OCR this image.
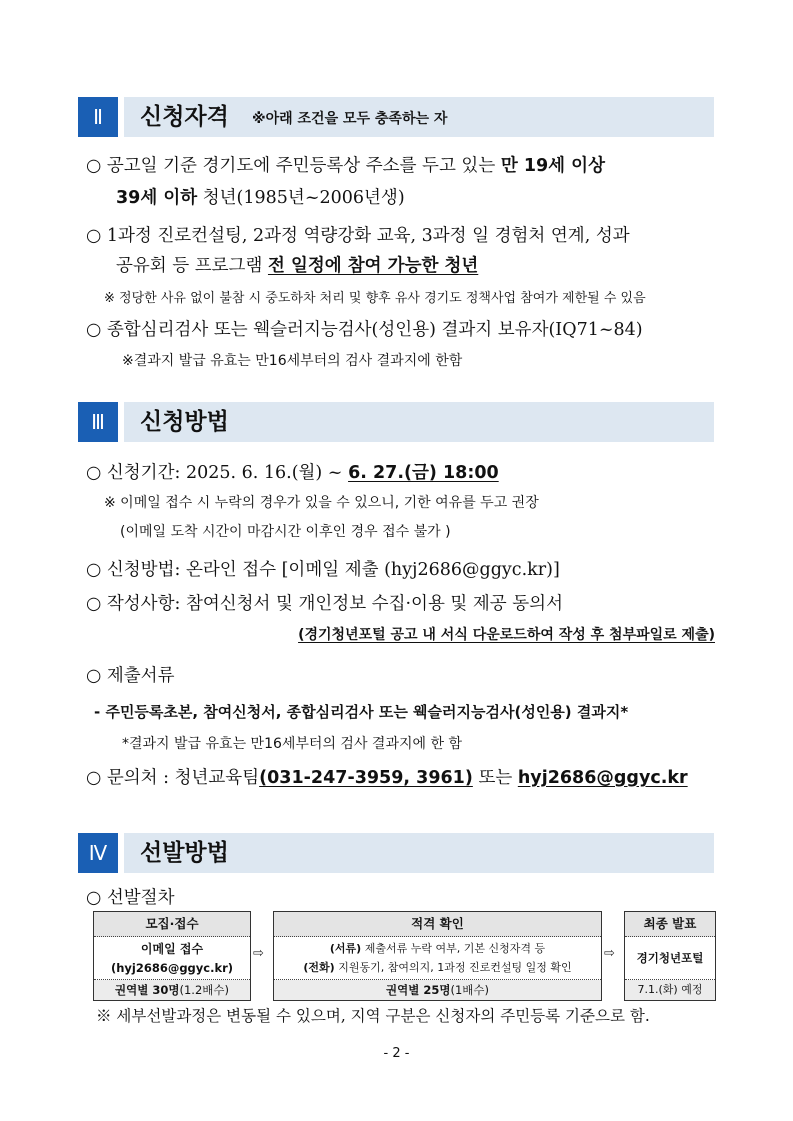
Ⅱ	신청자격 ※아래 조건을 모두 충족하는 자
○ 공고일 기준 경기도에 주민등록상 주소를 두고 있는 만 19세 이상
39세 이하 청년(1985년~2006년생)
○ 1과정 진로컨설팅, 2과정 역량강화 교육, 3과정 일 경험처 연계, 성과
공유회 등 프로그램 전 일정에 참여 가능한 청년
※ 정당한 사유 없이 불참 시 중도하차 처리 및 향후 유사 경기도 정책사업 참여가 제한될 수 있음
○ 종합심리검사 또는 웩슬러지능검사(성인용) 결과지 보유자(IQ71~84)
※결과지 발급 유효는 만16세부터의 검사 결과지에 한함
Ⅲ	신청방법
○ 신청기간: 2025. 6. 16.(월) ~ 6. 27.(금) 18:00
※ 이메일 접수 시 누락의 경우가 있을 수 있으니, 기한 여유를 두고 권장
(이메일 도착 시간이 마감시간 이후인 경우 접수 불가 )
○ 신청방법: 온라인 접수 [이메일 제출 (hyj2686@ggyc.kr)]
○ 작성사항: 참여신청서 및 개인정보 수집·이용 및 제공 동의서
(경기청년포털 공고 내 서식 다운로드하여 작성 후 첨부파일로 제출)
○ 제출서류
- 주민등록초본, 참여신청서, 종합심리검사 또는 웩슬러지능검사(성인용) 결과지*
*결과지 발급 유효는 만16세부터의 검사 결과지에 한 함
○ 문의처 : 청년교육팀(031-247-3959, 3961) 또는 hyj2686@ggyc.kr
Ⅳ	선발방법
○ 선발절차
모집·접수
이메일 접수
(hyj2686@ggyc.kr)
권역별 30명(1.2배수)
⇨
적격 확인
(서류) 제출서류 누락 여부, 기본 신청자격 등
(전화) 지원동기, 참여의지, 1과정 진로컨설팅 일정 확인
권역별 25명(1배수)
⇨
최종 발표
경기청년포털
7.1.(화) 예정
※ 세부선발과정은 변동될 수 있으며, 지역 구분은 신청자의 주민등록 기준으로 함.
- 2 -
